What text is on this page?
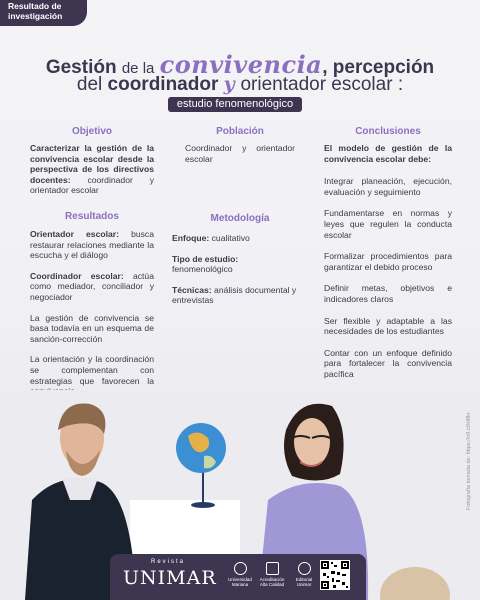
Resultado de
investigación
Gestión de la convivencia, percepción
del coordinador y orientador escolar :
estudio fenomenológico
Objetivo
Caracterizar la gestión de la convivencia escolar desde la perspectiva de los directivos docentes: coordinador y orientador escolar
Resultados

Orientador escolar: busca restaurar relaciones mediante la escucha y el diálogo

Coordinador escolar: actúa como mediador, conciliador y negociador

La gestión de convivencia se basa todavía en un esquema de sanción-corrección

La orientación y la coordinación se complementan con estrategias que favorecen la

Población
Coordinador y orientador escolar
Metodología

Enfoque: cualitativo

Tipo de estudio: fenomenológico

Técnicas: análisis documental y entrevistas

Conclusiones

El modelo de gestión de la convivencia escolar debe:

Integrar planeación, ejecución, evaluación y seguimiento

Fundamentarse en normas y leyes que regulen la conducta escolar

Formalizar procedimientos para garantizar el debido proceso

Definir metas, objetivos e indicadores claros

Ser flexible y adaptable a las necesidades de los estudiantes

Contar con un enfoque definido para fortalecer la convivencia pacífica

Fotografía tomada de: https://n9.cl/h8fkr
Revista
UNIMAR	Universidad Mariana
Acreditación Alta Calidad
Editorial Unimar
